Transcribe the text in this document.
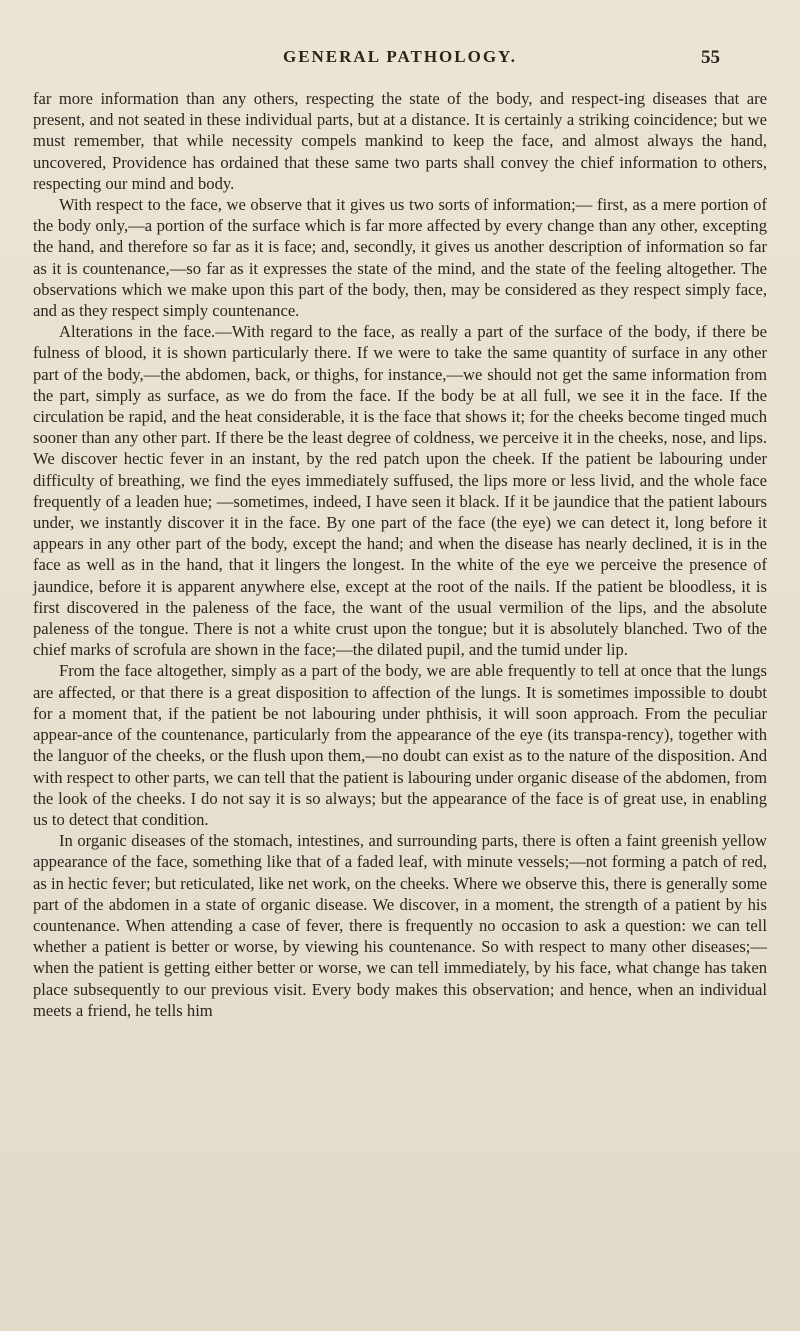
GENERAL PATHOLOGY.	55

far more information than any others, respecting the state of the body, and respect-ing diseases that are present, and not seated in these individual parts, but at a distance. It is certainly a striking coincidence; but we must remember, that while necessity compels mankind to keep the face, and almost always the hand, uncovered, Providence has ordained that these same two parts shall convey the chief information to others, respecting our mind and body.

With respect to the face, we observe that it gives us two sorts of information;— first, as a mere portion of the body only,—a portion of the surface which is far more affected by every change than any other, excepting the hand, and therefore so far as it is face; and, secondly, it gives us another description of information so far as it is countenance,—so far as it expresses the state of the mind, and the state of the feeling altogether. The observations which we make upon this part of the body, then, may be considered as they respect simply face, and as they respect simply countenance.

Alterations in the face.—With regard to the face, as really a part of the surface of the body, if there be fulness of blood, it is shown particularly there. If we were to take the same quantity of surface in any other part of the body,—the abdomen, back, or thighs, for instance,—we should not get the same information from the part, simply as surface, as we do from the face. If the body be at all full, we see it in the face. If the circulation be rapid, and the heat considerable, it is the face that shows it; for the cheeks become tinged much sooner than any other part. If there be the least degree of coldness, we perceive it in the cheeks, nose, and lips. We discover hectic fever in an instant, by the red patch upon the cheek. If the patient be labouring under difficulty of breathing, we find the eyes immediately suffused, the lips more or less livid, and the whole face frequently of a leaden hue; —sometimes, indeed, I have seen it black. If it be jaundice that the patient labours under, we instantly discover it in the face. By one part of the face (the eye) we can detect it, long before it appears in any other part of the body, except the hand; and when the disease has nearly declined, it is in the face as well as in the hand, that it lingers the longest. In the white of the eye we perceive the presence of jaundice, before it is apparent anywhere else, except at the root of the nails. If the patient be bloodless, it is first discovered in the paleness of the face, the want of the usual vermilion of the lips, and the absolute paleness of the tongue. There is not a white crust upon the tongue; but it is absolutely blanched. Two of the chief marks of scrofula are shown in the face;—the dilated pupil, and the tumid under lip.

From the face altogether, simply as a part of the body, we are able frequently to tell at once that the lungs are affected, or that there is a great disposition to affection of the lungs. It is sometimes impossible to doubt for a moment that, if the patient be not labouring under phthisis, it will soon approach. From the peculiar appear-ance of the countenance, particularly from the appearance of the eye (its transpa-rency), together with the languor of the cheeks, or the flush upon them,—no doubt can exist as to the nature of the disposition. And with respect to other parts, we can tell that the patient is labouring under organic disease of the abdomen, from the look of the cheeks. I do not say it is so always; but the appearance of the face is of great use, in enabling us to detect that condition.

In organic diseases of the stomach, intestines, and surrounding parts, there is often a faint greenish yellow appearance of the face, something like that of a faded leaf, with minute vessels;—not forming a patch of red, as in hectic fever; but reticulated, like net work, on the cheeks. Where we observe this, there is generally some part of the abdomen in a state of organic disease. We discover, in a moment, the strength of a patient by his countenance. When attending a case of fever, there is frequently no occasion to ask a question: we can tell whether a patient is better or worse, by viewing his countenance. So with respect to many other diseases;— when the patient is getting either better or worse, we can tell immediately, by his face, what change has taken place subsequently to our previous visit. Every body makes this observation; and hence, when an individual meets a friend, he tells him
